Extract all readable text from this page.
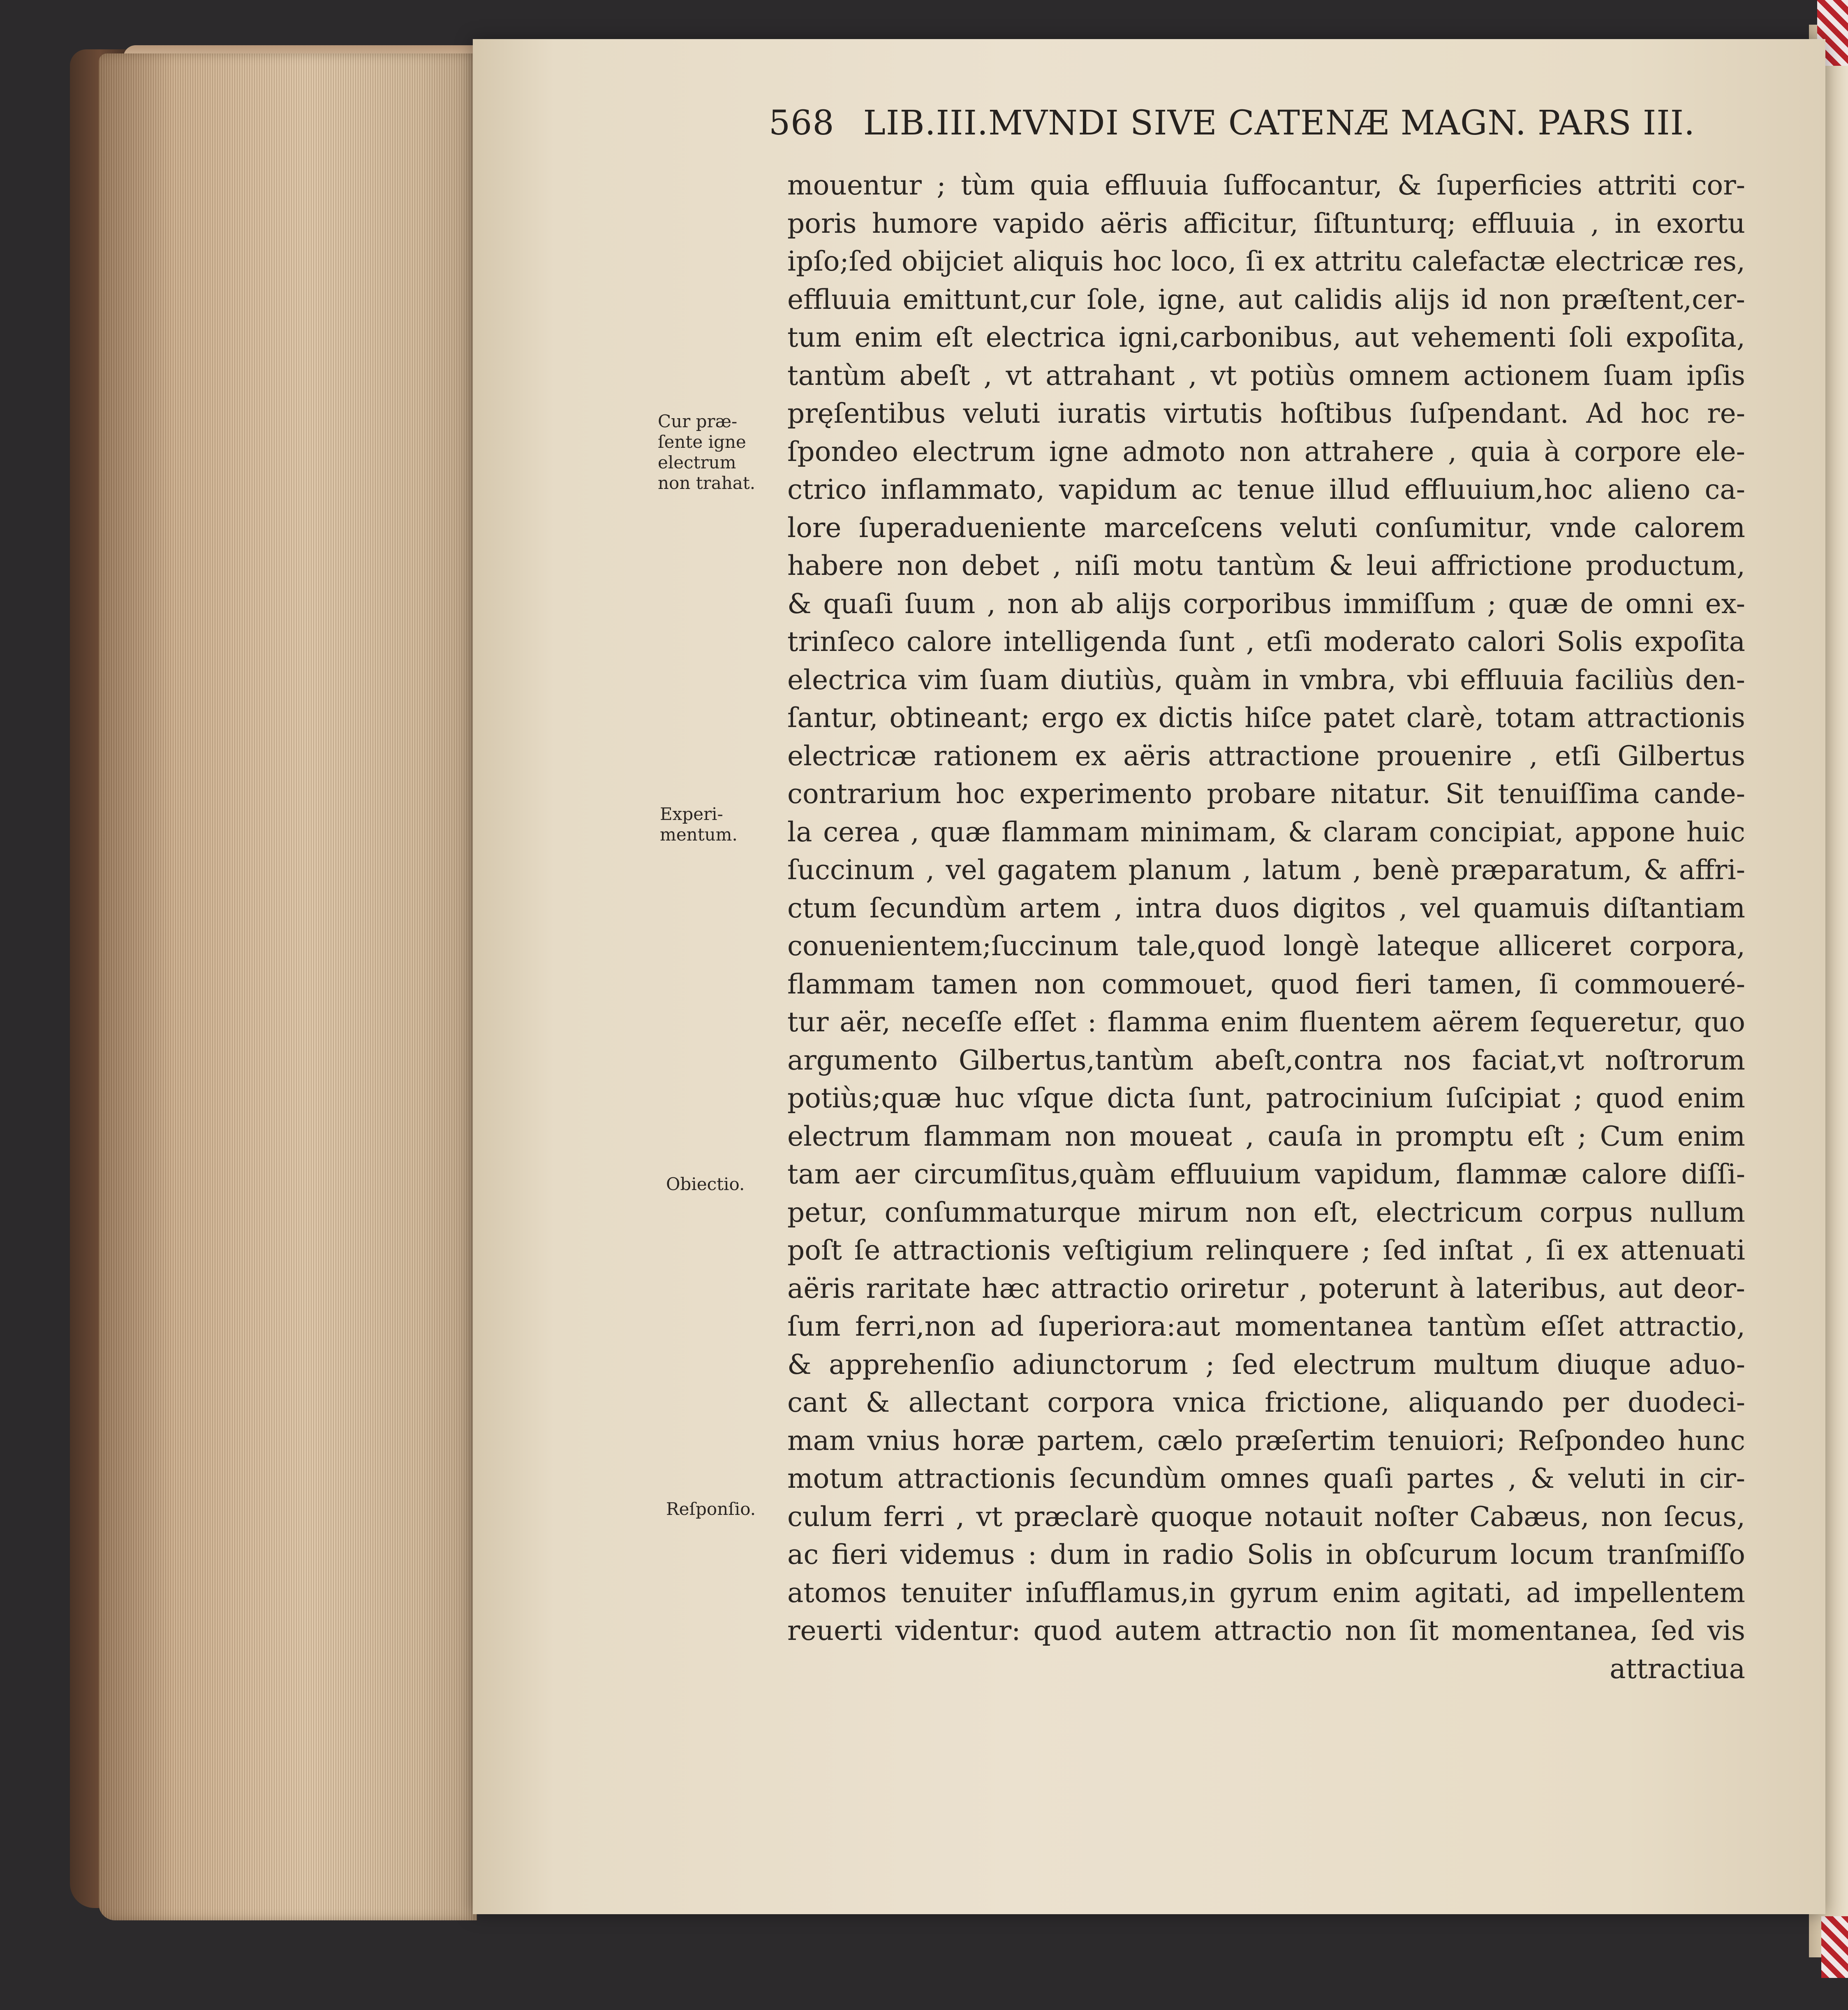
568 LIB.III.MVNDI SIVE CATENÆ MAGN. PARS III.
Cur præ-
ſente igne
electrum
non trahat.
Experi-
mentum.
Obiectio.
Reſponſio.
mouentur ; tùm quia effluuia ſuffocantur, & ſuperficies attriti cor-
poris humore vapido aëris afficitur, ſiſtunturq; effluuia , in exortu
ipſo;ſed obijciet aliquis hoc loco, ſi ex attritu calefactæ electricæ res,
effluuia emittunt,cur ſole, igne, aut calidis alijs id non præſtent,cer-
tum enim eſt electrica igni,carbonibus, aut vehementi ſoli expoſita,
tantùm abeſt , vt attrahant , vt potiùs omnem actionem ſuam ipſis
pręſentibus veluti iuratis virtutis hoſtibus ſuſpendant. Ad hoc re-
ſpondeo electrum igne admoto non attrahere , quia à corpore ele-
ctrico inflammato, vapidum ac tenue illud effluuium,hoc alieno ca-
lore ſuperadueniente marceſcens veluti conſumitur, vnde calorem
habere non debet , niſi motu tantùm & leui affrictione productum,
& quaſi ſuum , non ab alijs corporibus immiſſum ; quæ de omni ex-
trinſeco calore intelligenda ſunt , etſi moderato calori Solis expoſita
electrica vim ſuam diutiùs, quàm in vmbra, vbi effluuia faciliùs den-
ſantur, obtineant; ergo ex dictis hiſce patet clarè, totam attractionis
electricæ rationem ex aëris attractione prouenire , etſi Gilbertus
contrarium hoc experimento probare nitatur. Sit tenuiſſima cande-
la cerea , quæ flammam minimam, & claram concipiat, appone huic
ſuccinum , vel gagatem planum , latum , benè præparatum, & affri-
ctum ſecundùm artem , intra duos digitos , vel quamuis diſtantiam
conuenientem;ſuccinum tale,quod longè lateque alliceret corpora,
flammam tamen non commouet, quod fieri tamen, ſi commoueré-
tur aër, neceſſe eſſet : flamma enim fluentem aërem ſequeretur, quo
argumento Gilbertus,tantùm abeſt,contra nos faciat,vt noſtrorum
potiùs;quæ huc vſque dicta ſunt, patrocinium ſuſcipiat ; quod enim
electrum flammam non moueat , cauſa in promptu eſt ; Cum enim
tam aer circumſitus,quàm effluuium vapidum, flammæ calore diſſi-
petur, conſummaturque mirum non eſt, electricum corpus nullum
poſt ſe attractionis veſtigium relinquere ; ſed inſtat , ſi ex attenuati
aëris raritate hæc attractio oriretur , poterunt à lateribus, aut deor-
ſum ferri,non ad ſuperiora:aut momentanea tantùm eſſet attractio,
& apprehenſio adiunctorum ; ſed electrum multum diuque aduo-
cant & allectant corpora vnica frictione, aliquando per duodeci-
mam vnius horæ partem, cælo præſertim tenuiori; Reſpondeo hunc
motum attractionis ſecundùm omnes quaſi partes , & veluti in cir-
culum ferri , vt præclarè quoque notauit noſter Cabæus, non ſecus,
ac fieri videmus : dum in radio Solis in obſcurum locum tranſmiſſo
atomos tenuiter inſufflamus,in gyrum enim agitati, ad impellentem
reuerti videntur: quod autem attractio non ſit momentanea, ſed vis
attractiua
